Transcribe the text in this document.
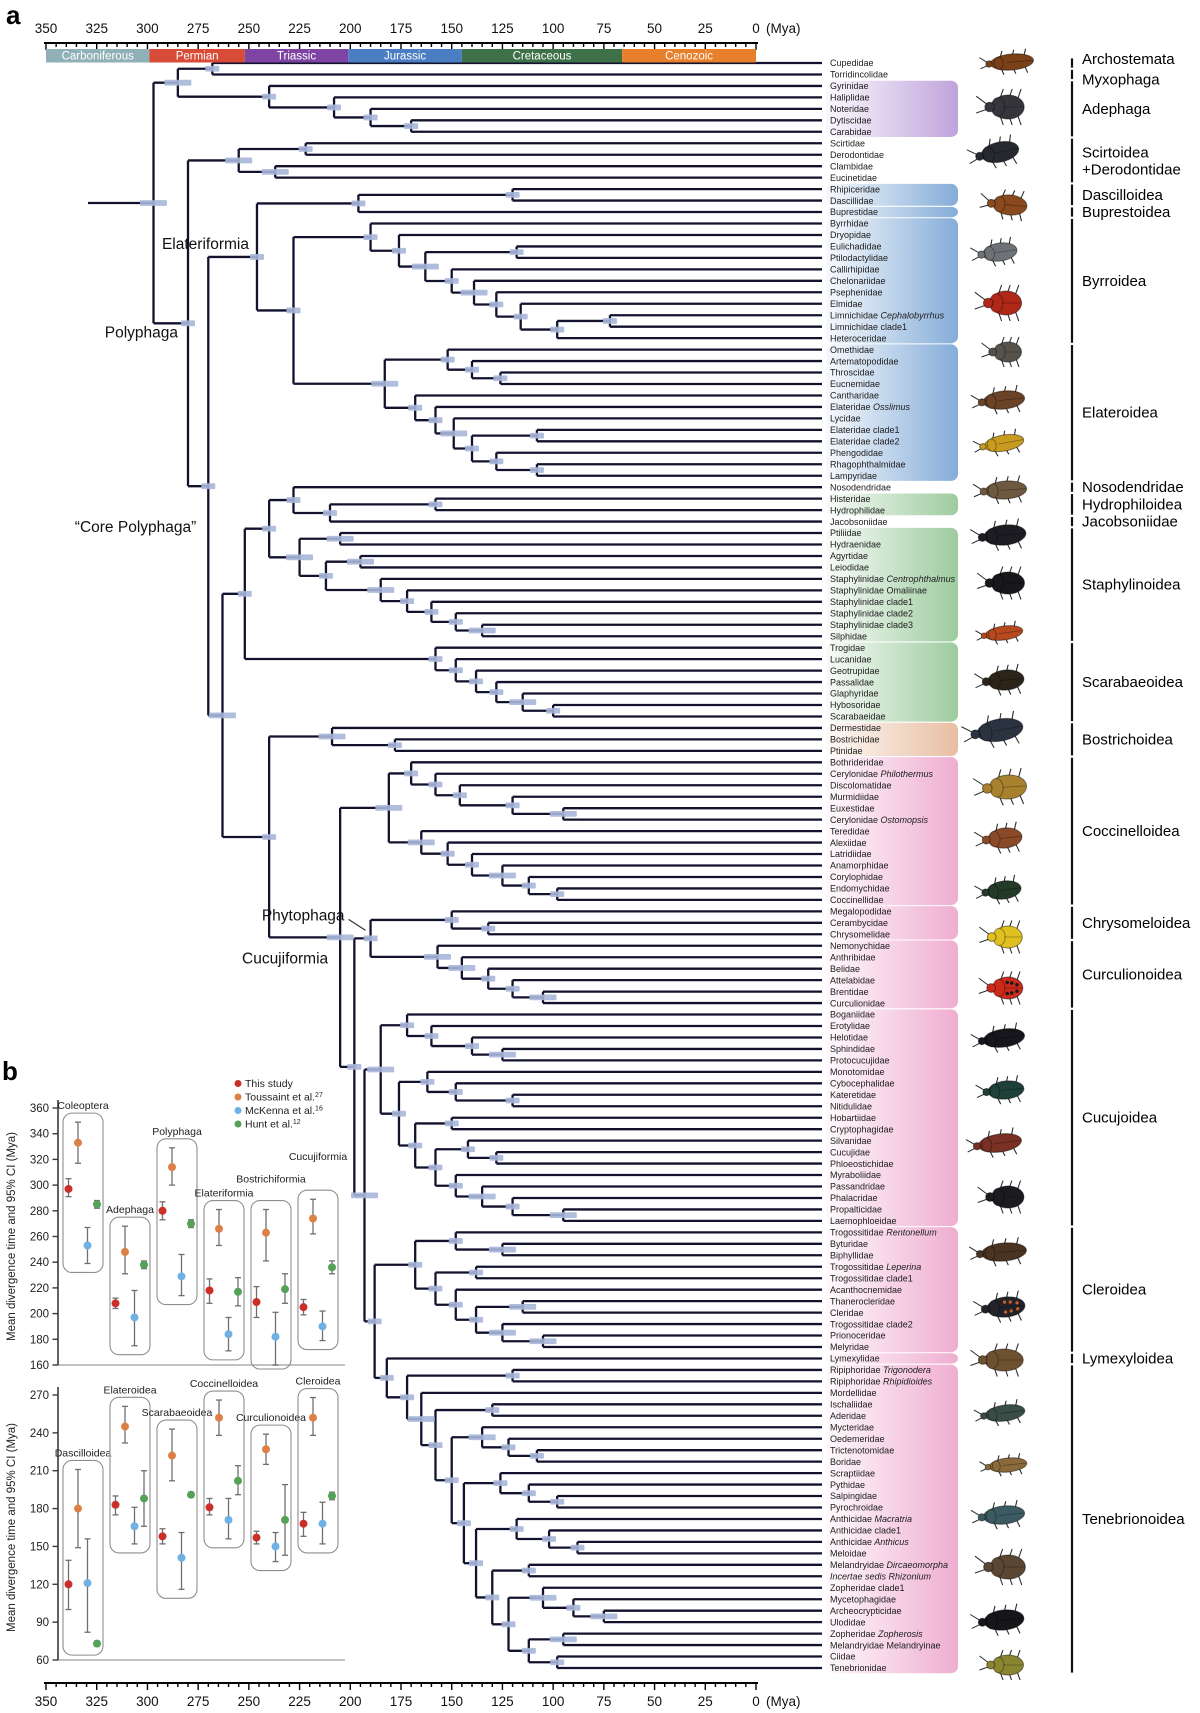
a
b
Elateriformia
Phytophaga
Cucujiformia
“Core Polyphaga”
Polyphaga
Cupedidae
Torridincolidae
Gyrinidae
Haliplidae
Noteridae
Dytiscidae
Carabidae
Scirtidae
Derodontidae
Clambidae
Eucinetidae
Rhipiceridae
Dascillidae
Buprestidae
Byrrhidae
Dryopidae
Eulichadidae
Ptilodactylidae
Callirhipidae
Chelonariidae
Psephenidae
Elmidae
Limnichidae Cephalobyrrhus
Limnichidae clade1
Heteroceridae
Omethidae
Artematopodidae
Throscidae
Eucnemidae
Cantharidae
Elateridae Osslimus
Lycidae
Elateridae clade1
Elateridae clade2
Phengodidae
Rhagophthalmidae
Lampyridae
Nosodendridae
Histeridae
Hydrophilidae
Jacobsoniidae
Ptiliidae
Hydraenidae
Agyrtidae
Leiodidae
Staphylinidae Centrophthalmus
Staphylinidae Omaliinae
Staphylinidae clade1
Staphylinidae clade2
Staphylinidae clade3
Silphidae
Trogidae
Lucanidae
Geotrupidae
Passalidae
Glaphyridae
Hybosoridae
Scarabaeidae
Dermestidae
Bostrichidae
Ptinidae
Bothrideridae
Cerylonidae Philothermus
Discolomatidae
Murmidiidae
Euxestidae
Cerylonidae Ostomopsis
Teredidae
Alexiidae
Latridiidae
Anamorphidae
Corylophidae
Endomychidae
Coccinellidae
Megalopodidae
Cerambycidae
Chrysomelidae
Nemonychidae
Anthribidae
Belidae
Attelabidae
Brentidae
Curculionidae
Boganiidae
Erotylidae
Helotidae
Sphindidae
Protocucujidae
Monotomidae
Cybocephalidae
Kateretidae
Nitidulidae
Hobartiidae
Cryptophagidae
Silvanidae
Cucujidae
Phloeostichidae
Myraboliidae
Passandridae
Phalacridae
Propalticidae
Laemophloeidae
Trogossitidae Rentonellum
Byturidae
Biphyllidae
Trogossitidae Leperina
Trogossitidae clade1
Acanthocnemidae
Thanerocleridae
Cleridae
Trogossitidae clade2
Prionoceridae
Melyridae
Lymexylidae
Ripiphoridae Trigonodera
Ripiphoridae Rhipidioides
Mordellidae
Ischaliidae
Aderidae
Mycteridae
Oedemeridae
Trictenotomidae
Boridae
Scraptiidae
Pythidae
Salpingidae
Pyrochroidae
Anthicidae Macratria
Anthicidae clade1
Anthicidae Anthicus
Meloidae
Melandryidae Dircaeomorpha
Incertae sedis Rhizonium
Zopheridae clade1
Mycetophagidae
Archeocrypticidae
Ulodidae
Zopheridae Zopherosis
Melandryidae Melandryinae
Ciidae
Tenebrionidae
0
25
50
75
100
125
150
175
200
225
250
275
300
325
350	(Mya)
0
25
50
75
100
125
150
175
200
225
250
275
300
325
350	(Mya)
Carboniferous	Permian	Triassic	Jurassic	Cretaceous	Cenozoic	Archostemata
Myxophaga
Adephaga
Scirtoidea
+Derodontidae
Dascilloidea
Buprestoidea
Byrroidea
Elateroidea
Nosodendridae
Hydrophiloidea
Jacobsoniidae
Staphylinoidea
Scarabaeoidea
Bostrichoidea
Coccinelloidea
Chrysomeloidea
Curculionoidea
Cucujoidea
Cleroidea
Lymexyloidea
Tenebrionoidea
160
180
200
220
240
260
280
300
320
340
360
Mean divergence time and 95% CI (Mya)
Coleoptera
Adephaga
Polyphaga
Elateriformia
Bostrichiformia
Cucujiformia
60
90
120
150
180
210
240
270
Mean divergence time and 95% CI (Mya)	Dascilloidea
Elateroidea
Scarabaeoidea
Coccinelloidea
Curculionoidea
Cleroidea
This study
Toussaint et al.$^{27}$
McKenna et al.$^{16}$
Hunt et al.$^{12}$
